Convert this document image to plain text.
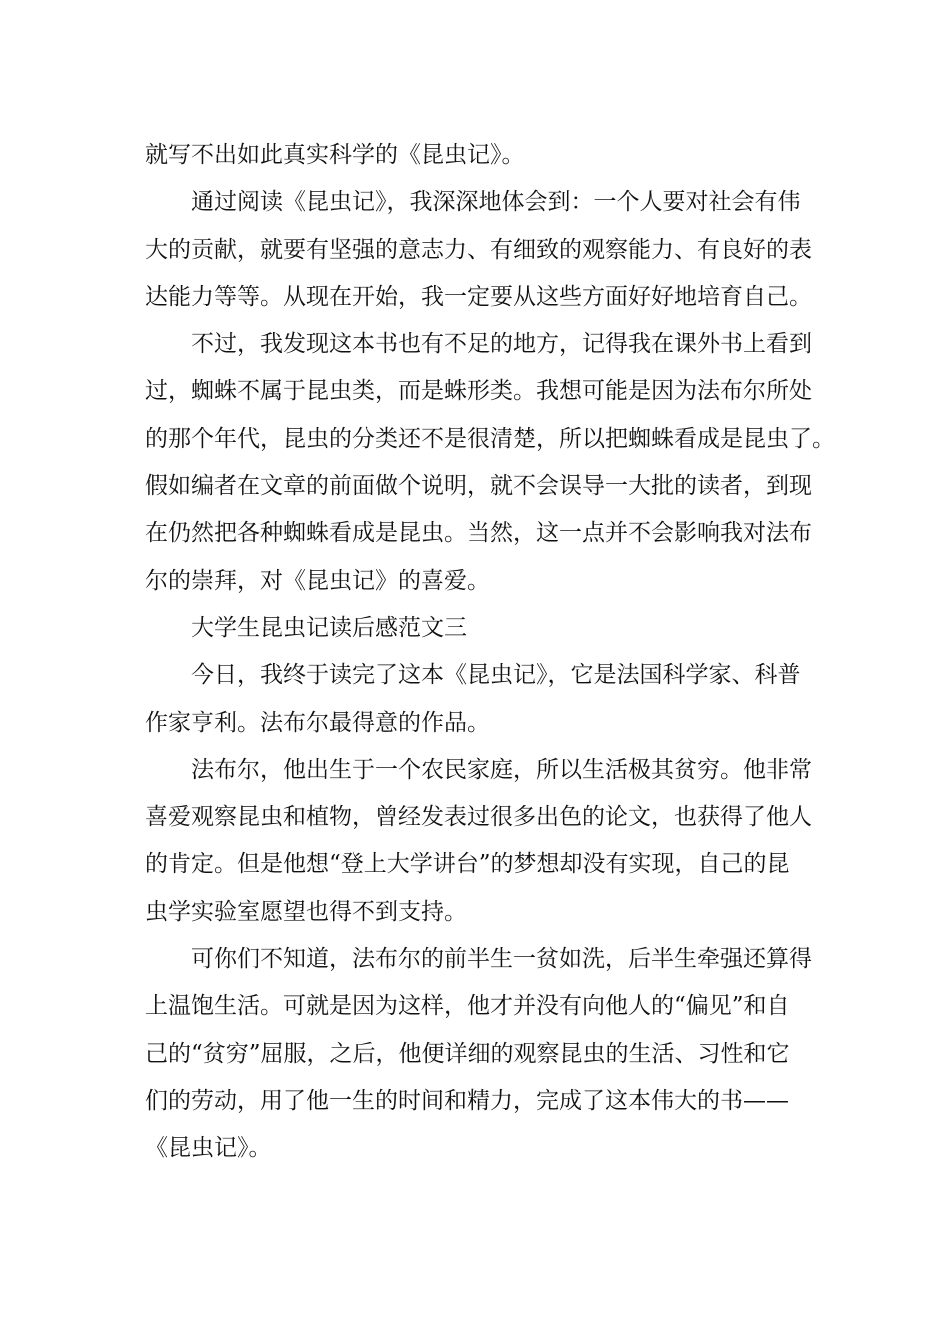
就写不出如此真实科学的《昆虫记》。
通过阅读《昆虫记》，我深深地体会到：一个人要对社会有伟
大的贡献，就要有坚强的意志力、有细致的观察能力、有良好的表
达能力等等。从现在开始，我一定要从这些方面好好地培育自己。
不过，我发现这本书也有不足的地方，记得我在课外书上看到
过，蜘蛛不属于昆虫类，而是蛛形类。我想可能是因为法布尔所处
的那个年代，昆虫的分类还不是很清楚，所以把蜘蛛看成是昆虫了。
假如编者在文章的前面做个说明，就不会误导一大批的读者，到现
在仍然把各种蜘蛛看成是昆虫。当然，这一点并不会影响我对法布
尔的崇拜，对《昆虫记》的喜爱。
大学生昆虫记读后感范文三
今日，我终于读完了这本《昆虫记》，它是法国科学家、科普
作家亨利。法布尔最得意的作品。
法布尔，他出生于一个农民家庭，所以生活极其贫穷。他非常
喜爱观察昆虫和植物，曾经发表过很多出色的论文，也获得了他人
的肯定。但是他想“登上大学讲台”的梦想却没有实现，自己的昆
虫学实验室愿望也得不到支持。
可你们不知道，法布尔的前半生一贫如洗，后半生牵强还算得
上温饱生活。可就是因为这样，他才并没有向他人的“偏见”和自
己的“贫穷”屈服，之后，他便详细的观察昆虫的生活、习性和它
们的劳动，用了他一生的时间和精力，完成了这本伟大的书——
《昆虫记》。
